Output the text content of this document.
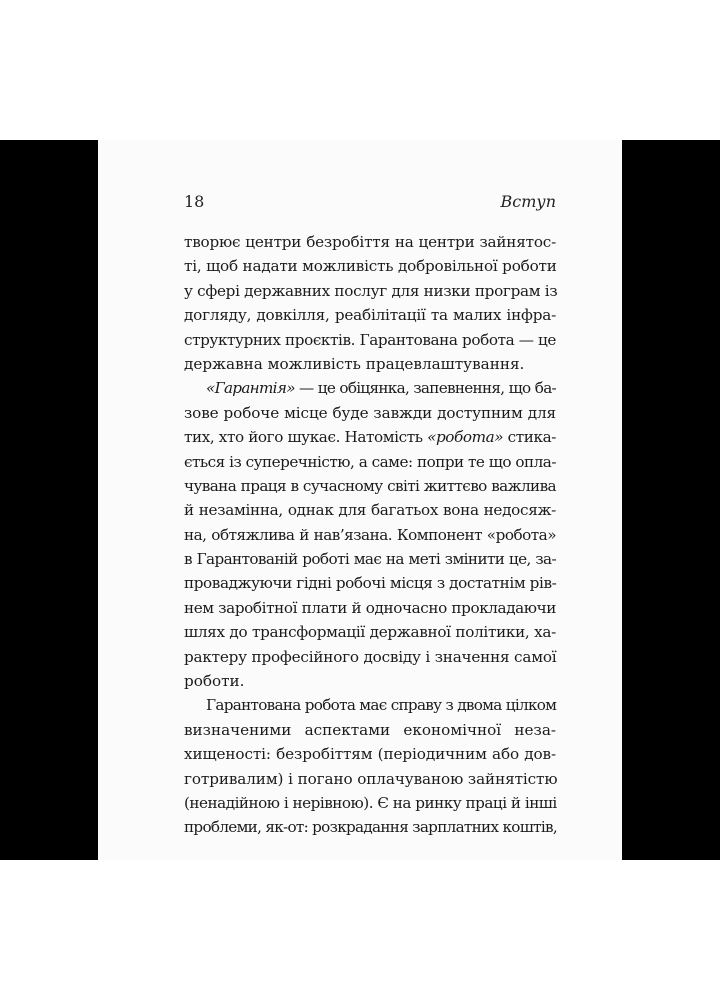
18	Вступ
творює центри безробіття на центри зайнятос-
ті, щоб надати можливість добровільної роботи
у сфері державних послуг для низки програм із
догляду, довкілля, реабілітації та малих інфра-
структурних проєктів. Гарантована робота — це
державна можливість працевлаштування.
«Гарантія» — це обіцянка, запевнення, що ба-
зове робоче місце буде завжди доступним для
тих, хто його шукає. Натомість «робота» стика-
ється із суперечністю, а саме: попри те що опла-
чувана праця в сучасному світі життєво важлива
й незамінна, однак для багатьох вона недосяж-
на, обтяжлива й нав’язана. Компонент «робота»
в Гарантованій роботі має на меті змінити це, за-
проваджуючи гідні робочі місця з достатнім рів-
нем заробітної плати й одночасно прокладаючи
шлях до трансформації державної політики, ха-
рактеру професійного досвіду і значення самої
роботи.
Гарантована робота має справу з двома цілком
визначеними аспектами економічної неза-
хищеності: безробіттям (періодичним або дов-
готривалим) і погано оплачуваною зайнятістю
(ненадійною і нерівною). Є на ринку праці й інші
проблеми, як-от: розкрадання зарплатних коштів,
